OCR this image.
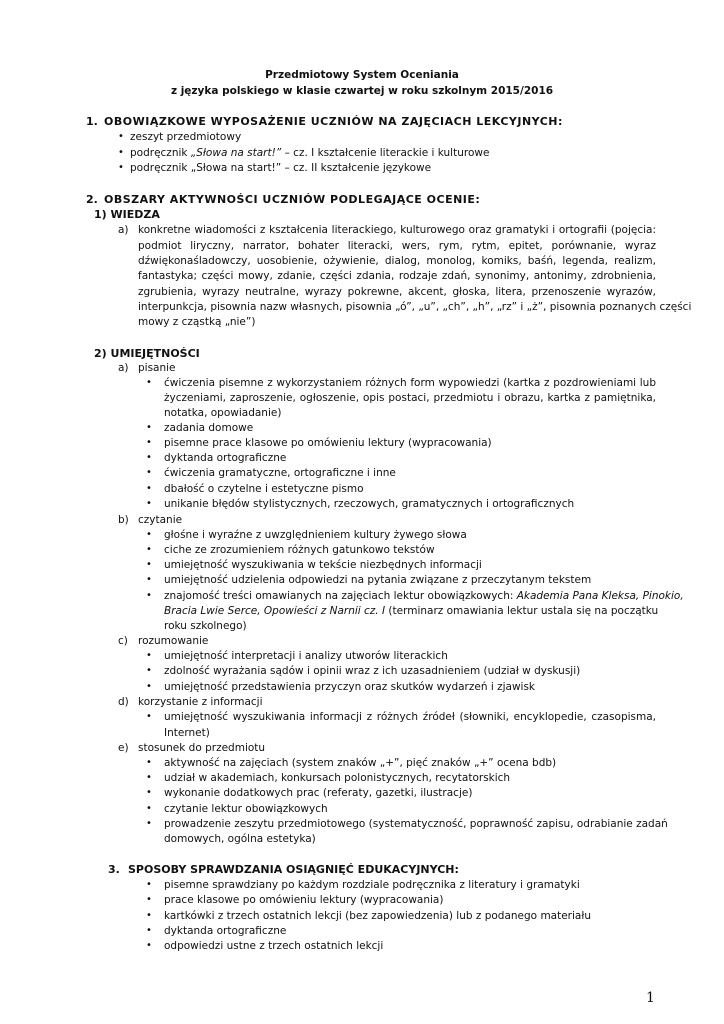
Przedmiotowy System Oceniania
z języka polskiego w klasie czwartej w roku szkolnym 2015/2016
1. OBOWIĄZKOWE WYPOSAŻENIE UCZNIÓW NA ZAJĘCIACH LEKCYJNYCH:
• zeszyt przedmiotowy
• podręcznik „Słowa na start!” – cz. I kształcenie literackie i kulturowe
• podręcznik „Słowa na start!” – cz. II kształcenie językowe
2. OBSZARY AKTYWNOŚCI UCZNIÓW PODLEGAJĄCE OCENIE:
1) WIEDZA
a) konkretne wiadomości z kształcenia literackiego, kulturowego oraz gramatyki i ortografii (pojęcia:
podmiot liryczny, narrator, bohater literacki, wers, rym, rytm, epitet, porównanie, wyraz
dźwiękonaśladowczy, uosobienie, ożywienie, dialog, monolog, komiks, baśń, legenda, realizm,
fantastyka; części mowy, zdanie, części zdania, rodzaje zdań, synonimy, antonimy, zdrobnienia,
zgrubienia, wyrazy neutralne, wyrazy pokrewne, akcent, głoska, litera, przenoszenie wyrazów,
interpunkcja, pisownia nazw własnych, pisownia „ó”, „u”, „ch”, „h”, „rz” i „ż”, pisownia poznanych części
mowy z cząstką „nie”)
2) UMIEJĘTNOŚCI
a) pisanie
• ćwiczenia pisemne z wykorzystaniem różnych form wypowiedzi (kartka z pozdrowieniami lub
życzeniami, zaproszenie, ogłoszenie, opis postaci, przedmiotu i obrazu, kartka z pamiętnika,
notatka, opowiadanie)
• zadania domowe
• pisemne prace klasowe po omówieniu lektury (wypracowania)
• dyktanda ortograficzne
• ćwiczenia gramatyczne, ortograficzne i inne
• dbałość o czytelne i estetyczne pismo
• unikanie błędów stylistycznych, rzeczowych, gramatycznych i ortograficznych
b) czytanie
• głośne i wyraźne z uwzględnieniem kultury żywego słowa
• ciche ze zrozumieniem różnych gatunkowo tekstów
• umiejętność wyszukiwania w tekście niezbędnych informacji
• umiejętność udzielenia odpowiedzi na pytania związane z przeczytanym tekstem
• znajomość treści omawianych na zajęciach lektur obowiązkowych: Akademia Pana Kleksa, Pinokio,
Bracia Lwie Serce, Opowieści z Narnii cz. I (terminarz omawiania lektur ustala się na początku
roku szkolnego)
c) rozumowanie
• umiejętność interpretacji i analizy utworów literackich
• zdolność wyrażania sądów i opinii wraz z ich uzasadnieniem (udział w dyskusji)
• umiejętność przedstawienia przyczyn oraz skutków wydarzeń i zjawisk
d) korzystanie z informacji
• umiejętność wyszukiwania informacji z różnych źródeł (słowniki, encyklopedie, czasopisma,
Internet)
e) stosunek do przedmiotu
• aktywność na zajęciach (system znaków „+”, pięć znaków „+” ocena bdb)
• udział w akademiach, konkursach polonistycznych, recytatorskich
• wykonanie dodatkowych prac (referaty, gazetki, ilustracje)
• czytanie lektur obowiązkowych
• prowadzenie zeszytu przedmiotowego (systematyczność, poprawność zapisu, odrabianie zadań
domowych, ogólna estetyka)
3. SPOSOBY SPRAWDZANIA OSIĄGNIĘĆ EDUKACYJNYCH:
• pisemne sprawdziany po każdym rozdziale podręcznika z literatury i gramatyki
• prace klasowe po omówieniu lektury (wypracowania)
• kartkówki z trzech ostatnich lekcji (bez zapowiedzenia) lub z podanego materiału
• dyktanda ortograficzne
• odpowiedzi ustne z trzech ostatnich lekcji
1
